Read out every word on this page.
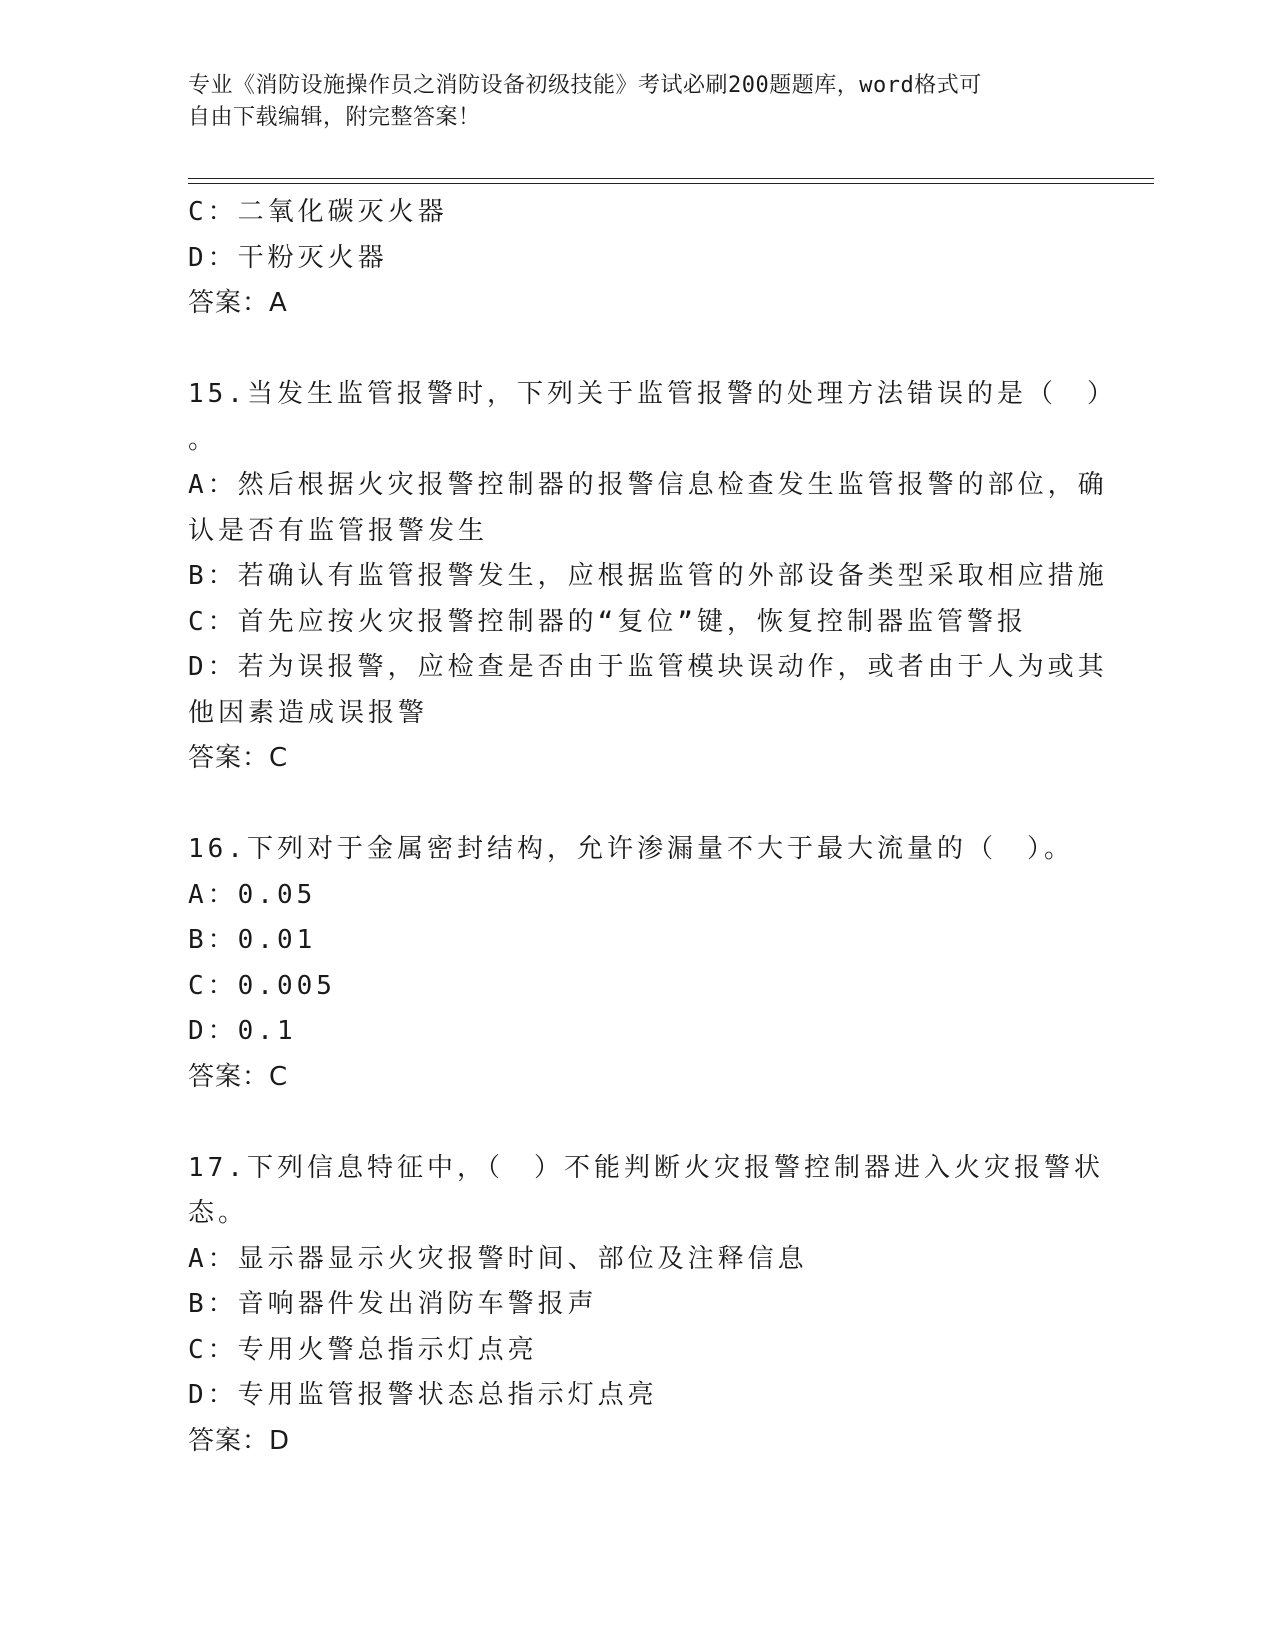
专业《消防设施操作员之消防设备初级技能》考试必刷200题题库，word格式可
自由下载编辑，附完整答案！
C：二氧化碳灭火器
D：干粉灭火器
答案：A
15.当发生监管报警时，下列关于监管报警的处理方法错误的是（　）
。
A：然后根据火灾报警控制器的报警信息检查发生监管报警的部位，确
认是否有监管报警发生
B：若确认有监管报警发生，应根据监管的外部设备类型采取相应措施
C：首先应按火灾报警控制器的“复位”键，恢复控制器监管警报
D：若为误报警，应检查是否由于监管模块误动作，或者由于人为或其
他因素造成误报警
答案：C
16.下列对于金属密封结构，允许渗漏量不大于最大流量的（　）。
A：0.05
B：0.01
C：0.005
D：0.1
答案：C
17.下列信息特征中，（　）不能判断火灾报警控制器进入火灾报警状
态。
A：显示器显示火灾报警时间、部位及注释信息
B：音响器件发出消防车警报声
C：专用火警总指示灯点亮
D：专用监管报警状态总指示灯点亮
答案：D
